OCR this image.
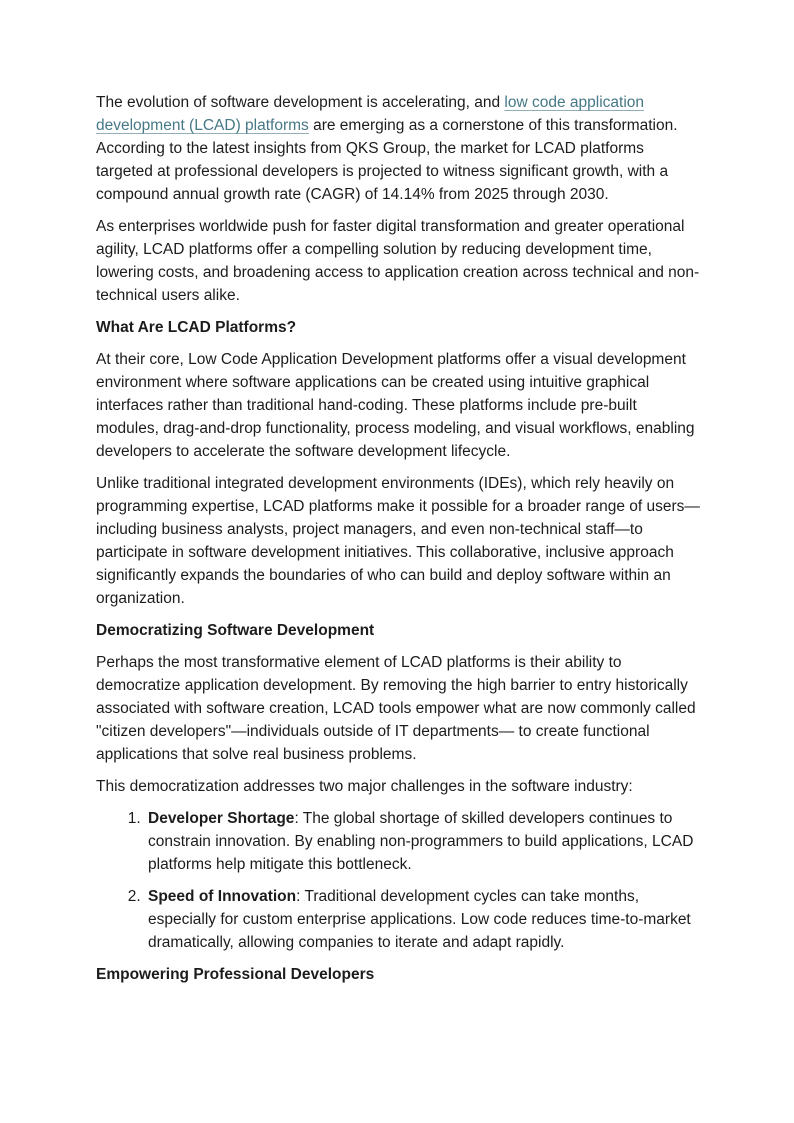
The evolution of software development is accelerating, and low code application development (LCAD) platforms are emerging as a cornerstone of this transformation. According to the latest insights from QKS Group, the market for LCAD platforms targeted at professional developers is projected to witness significant growth, with a compound annual growth rate (CAGR) of 14.14% from 2025 through 2030.

As enterprises worldwide push for faster digital transformation and greater operational agility, LCAD platforms offer a compelling solution by reducing development time, lowering costs, and broadening access to application creation across technical and non-technical users alike.

What Are LCAD Platforms?

At their core, Low Code Application Development platforms offer a visual development environment where software applications can be created using intuitive graphical interfaces rather than traditional hand-coding. These platforms include pre-built modules, drag-and-drop functionality, process modeling, and visual workflows, enabling developers to accelerate the software development lifecycle.

Unlike traditional integrated development environments (IDEs), which rely heavily on programming expertise, LCAD platforms make it possible for a broader range of users—including business analysts, project managers, and even non-technical staff—to participate in software development initiatives. This collaborative, inclusive approach significantly expands the boundaries of who can build and deploy software within an organization.

Democratizing Software Development

Perhaps the most transformative element of LCAD platforms is their ability to democratize application development. By removing the high barrier to entry historically associated with software creation, LCAD tools empower what are now commonly called "citizen developers"—individuals outside of IT departments— to create functional applications that solve real business problems.

This democratization addresses two major challenges in the software industry:

1. Developer Shortage: The global shortage of skilled developers continues to constrain innovation. By enabling non-programmers to build applications, LCAD platforms help mitigate this bottleneck.
2. Speed of Innovation: Traditional development cycles can take months, especially for custom enterprise applications. Low code reduces time-to-market dramatically, allowing companies to iterate and adapt rapidly.
Empowering Professional Developers
